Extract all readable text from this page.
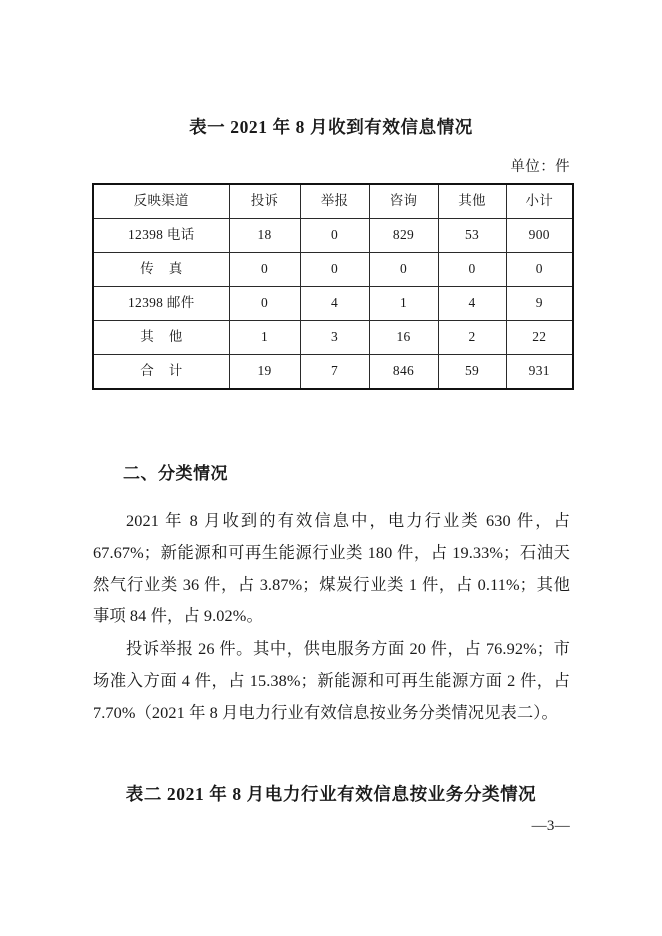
表一 2021 年 8 月收到有效信息情况
单位：件
反映渠道	投诉	举报	咨询	其他	小计
12398 电话	18	0	829	53	900
传真	0	0	0	0	0
12398 邮件	0	4	1	4	9
其他	1	3	16	2	22
合计	19	7	846	59	931
二、分类情况
2021 年 8 月收到的有效信息中，电力行业类 630 件，占 67.67%；新能源和可再生能源行业类 180 件，占 19.33%；石油天然气行业类 36 件，占 3.87%；煤炭行业类 1 件，占 0.11%；其他事项 84 件，占 9.02%。
投诉举报 26 件。其中，供电服务方面 20 件，占 76.92%；市场准入方面 4 件，占 15.38%；新能源和可再生能源方面 2 件，占 7.70%（2021 年 8 月电力行业有效信息按业务分类情况见表二）。
表二 2021 年 8 月电力行业有效信息按业务分类情况
—3—
